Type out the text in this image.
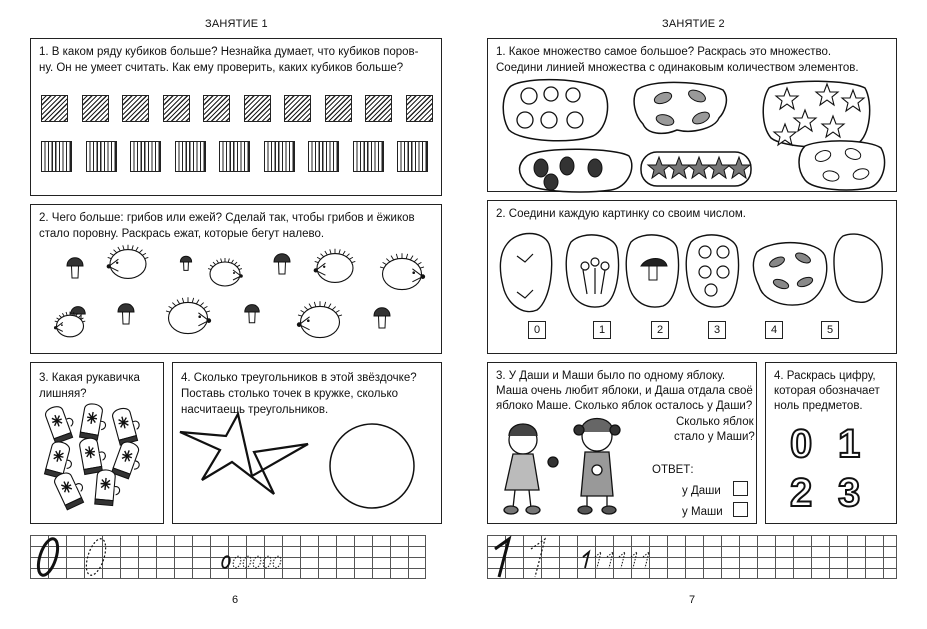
ЗАНЯТИЕ 1
1. В каком ряду кубиков больше? Незнайка думает, что кубиков поров-
ну. Он не умеет считать. Как ему проверить, каких кубиков больше?
2. Чего больше: грибов или ежей? Сделай так, чтобы грибов и ёжиков
стало поровну. Раскрась ежат, которые бегут налево.
3. Какая рукавичка
лишняя?
4. Сколько треугольников в этой звёздочке?
Поставь столько точек в кружке, сколько
насчитаешь треугольников.
6
ЗАНЯТИЕ 2
1. Какое множество самое большое? Раскрась это множество.
Соедини линией множества с одинаковым количеством элементов.
2. Соедини каждую картинку со своим числом.
0	1	2	3	4	5
3. У Даши и Маши было по одному яблоку.
Маша очень любит яблоки, и Даша отдала своё
яблоко Маше. Сколько яблок осталось у Даши?
Сколько яблок
стало у Маши?
ОТВЕТ:
у Даши
у Маши
4. Раскрась цифру,
которая обозначает
ноль предметов.
0 1
2 3
7
